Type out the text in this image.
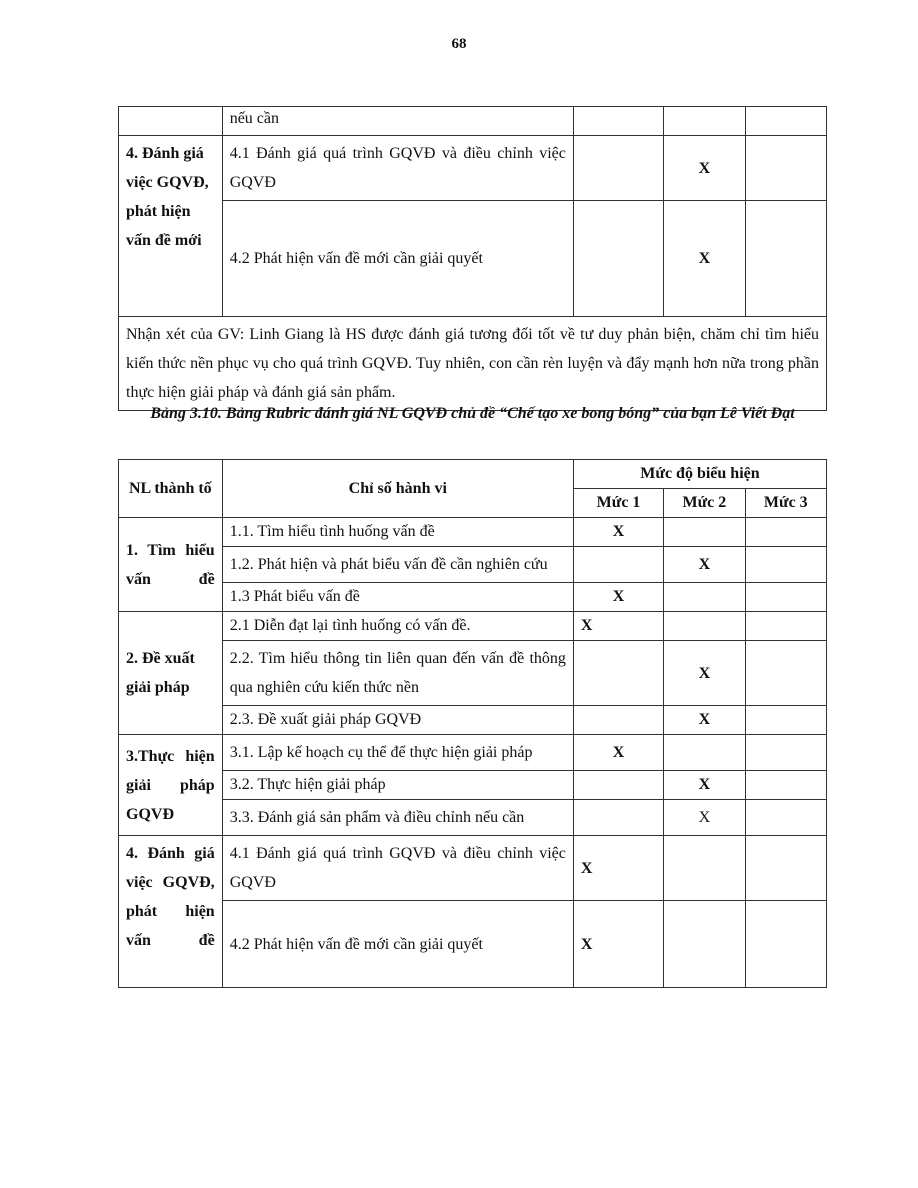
68
	nếu cần			
4. Đánh giá việc GQVĐ, phát hiện vấn đề mới	4.1 Đánh giá quá trình GQVĐ và điều chỉnh việc GQVĐ		X	
	4.2 Phát hiện vấn đề mới cần giải quyết		X	
Nhận xét của GV: Linh Giang là HS được đánh giá tương đối tốt về tư duy phản biện, chăm chỉ tìm hiểu kiến thức nền phục vụ cho quá trình GQVĐ. Tuy nhiên, con cần rèn luyện và đẩy mạnh hơn nữa trong phần thực hiện giải pháp và đánh giá sản phẩm.				
Bảng 3.10. Bảng Rubric đánh giá NL GQVĐ chủ đề “Chế tạo xe bong bóng” của bạn Lê Viết Đạt
NL thành tố	Chỉ số hành vi	Mức độ biểu hiện		
		Mức 1	Mức 2	Mức 3
1. Tìm hiểu vấn đề	1.1. Tìm hiểu tình huống vấn đề	X		
	1.2. Phát hiện và phát biểu vấn đề cần nghiên cứu		X	
	1.3 Phát biểu vấn đề	X		
2. Đề xuất giải pháp	2.1 Diễn đạt lại tình huống có vấn đề.	X		
	2.2. Tìm hiểu thông tin liên quan đến vấn đề thông qua nghiên cứu kiến thức nền		X	
	2.3. Đề xuất giải pháp GQVĐ		X	
3.Thực hiện giải pháp GQVĐ	3.1. Lập kế hoạch cụ thể để thực hiện giải pháp	X		
	3.2. Thực hiện giải pháp		X	
	3.3. Đánh giá sản phẩm và điều chỉnh nếu cần		X	
4. Đánh giá việc GQVĐ, phát hiện vấn đề	4.1 Đánh giá quá trình GQVĐ và điều chỉnh việc GQVĐ	X		
	4.2 Phát hiện vấn đề mới cần giải quyết	X		
